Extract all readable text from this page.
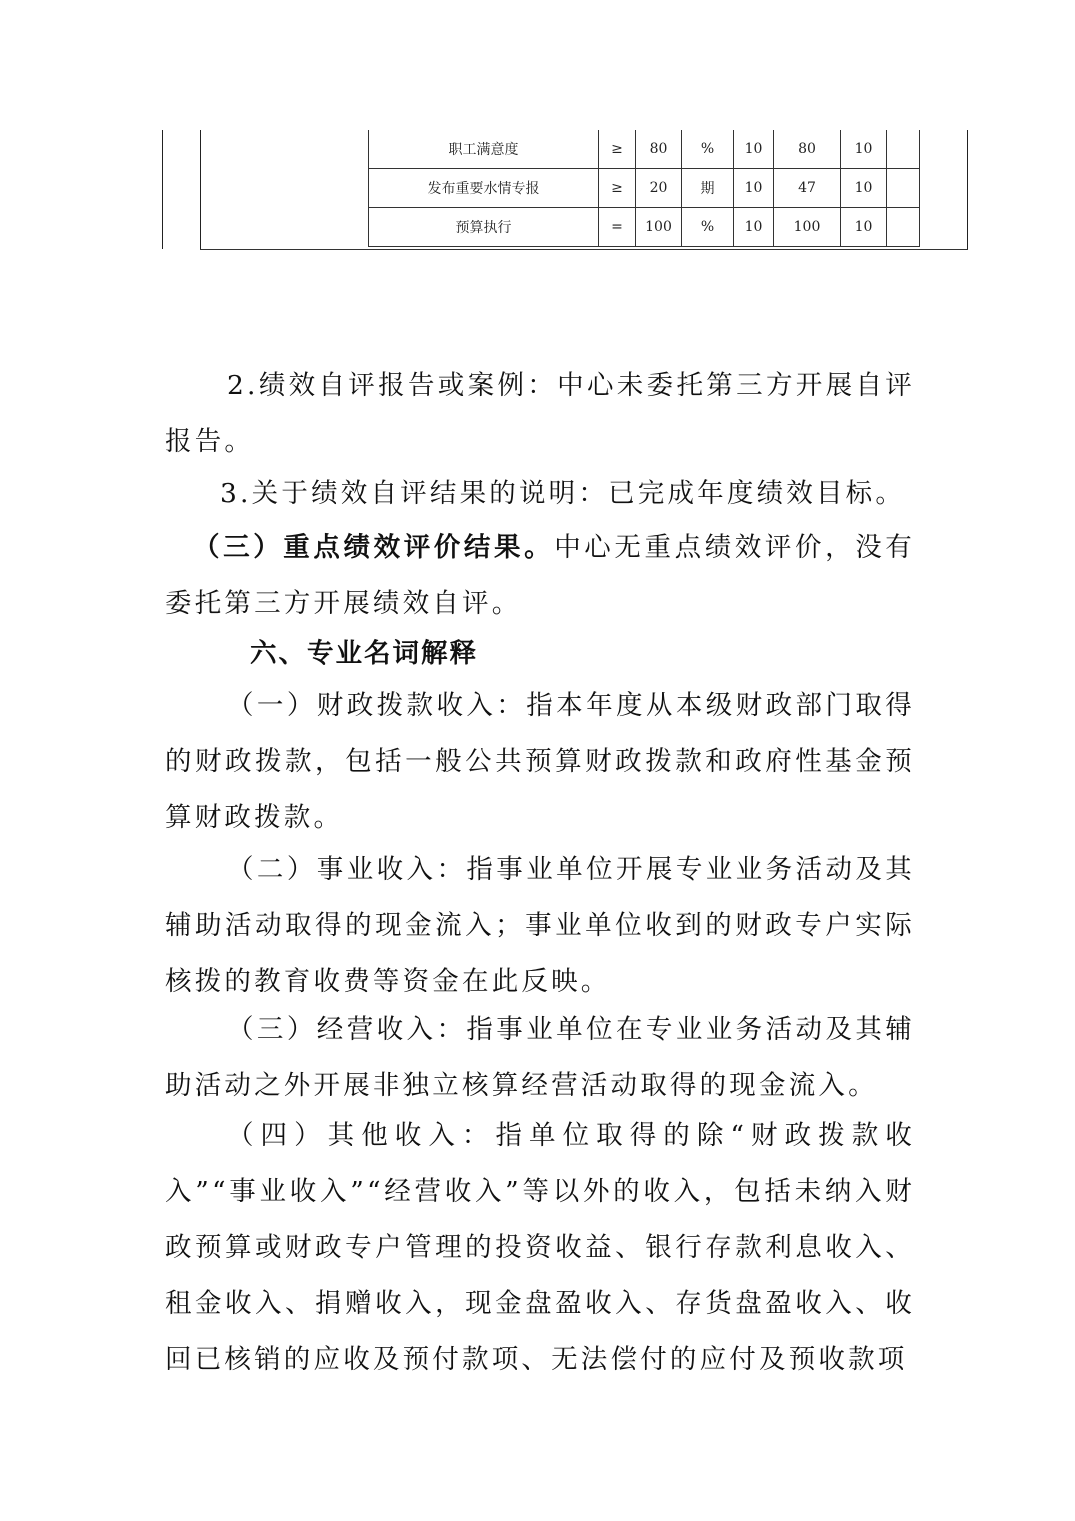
职工满意度	≥	80	%	10	80	10	
发布重要水情专报	≥	20	期	10	47	10	
预算执行	=	100	%	10	100	10	

2.绩效自评报告或案例：中心未委托第三方开展自评报告。

3.关于绩效自评结果的说明：已完成年度绩效目标。

（三）重点绩效评价结果。中心无重点绩效评价，没有委托第三方开展绩效自评。

六、专业名词解释

（一）财政拨款收入：指本年度从本级财政部门取得的财政拨款，包括一般公共预算财政拨款和政府性基金预算财政拨款。

（二）事业收入：指事业单位开展专业业务活动及其辅助活动取得的现金流入；事业单位收到的财政专户实际核拨的教育收费等资金在此反映。

（三）经营收入：指事业单位在专业业务活动及其辅助活动之外开展非独立核算经营活动取得的现金流入。

（四）其他收入：指单位取得的除“财政拨款收入”“事业收入”“经营收入”等以外的收入，包括未纳入财政预算或财政专户管理的投资收益、银行存款利息收入、租金收入、捐赠收入，现金盘盈收入、存货盘盈收入、收回已核销的应收及预付款项、无法偿付的应付及预收款项
